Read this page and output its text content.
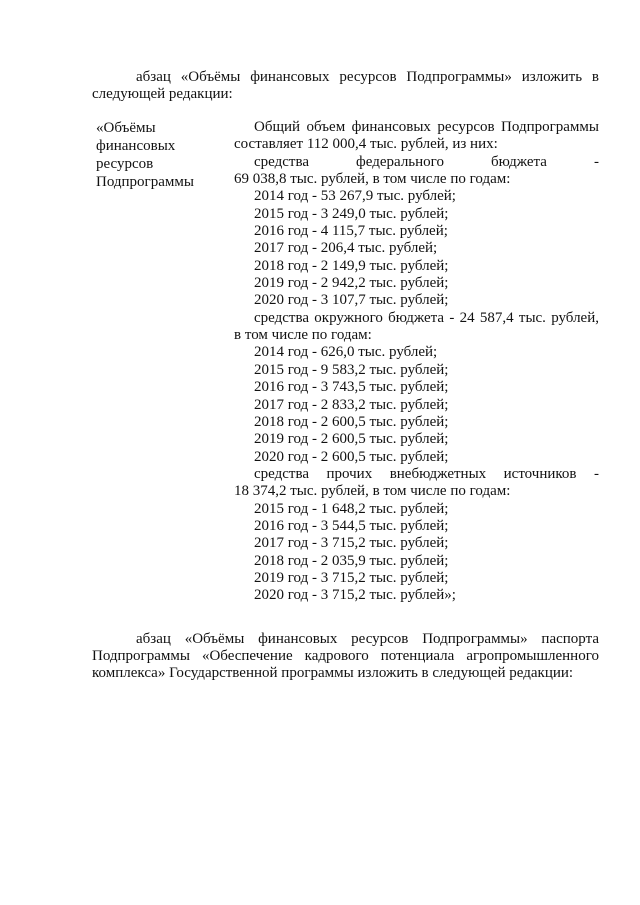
абзац «Объёмы финансовых ресурсов Подпрограммы» изложить в следующей редакции:
«Объёмы
финансовых
ресурсов
Подпрограммы
Общий объем финансовых ресурсов Подпрограммы
составляет 112 000,4 тыс. рублей, из них:
средства федерального бюджета -
69 038,8 тыс. рублей, в том числе по годам:
2014 год - 53 267,9 тыс. рублей;
2015 год - 3 249,0 тыс. рублей;
2016 год - 4 115,7 тыс. рублей;
2017 год - 206,4 тыс. рублей;
2018 год - 2 149,9 тыс. рублей;
2019 год - 2 942,2 тыс. рублей;
2020 год - 3 107,7 тыс. рублей;
средства окружного бюджета - 24 587,4 тыс. рублей,
в том числе по годам:
2014 год - 626,0 тыс. рублей;
2015 год - 9 583,2 тыс. рублей;
2016 год - 3 743,5 тыс. рублей;
2017 год - 2 833,2 тыс. рублей;
2018 год - 2 600,5 тыс. рублей;
2019 год - 2 600,5 тыс. рублей;
2020 год - 2 600,5 тыс. рублей;
средства прочих внебюджетных источников -
18 374,2 тыс. рублей, в том числе по годам:
2015 год - 1 648,2 тыс. рублей;
2016 год - 3 544,5 тыс. рублей;
2017 год - 3 715,2 тыс. рублей;
2018 год - 2 035,9 тыс. рублей;
2019 год - 3 715,2 тыс. рублей;
2020 год - 3 715,2 тыс. рублей»;
абзац «Объёмы финансовых ресурсов Подпрограммы» паспорта Подпрограммы «Обеспечение кадрового потенциала агропромышленного комплекса» Государственной программы изложить в следующей редакции:
